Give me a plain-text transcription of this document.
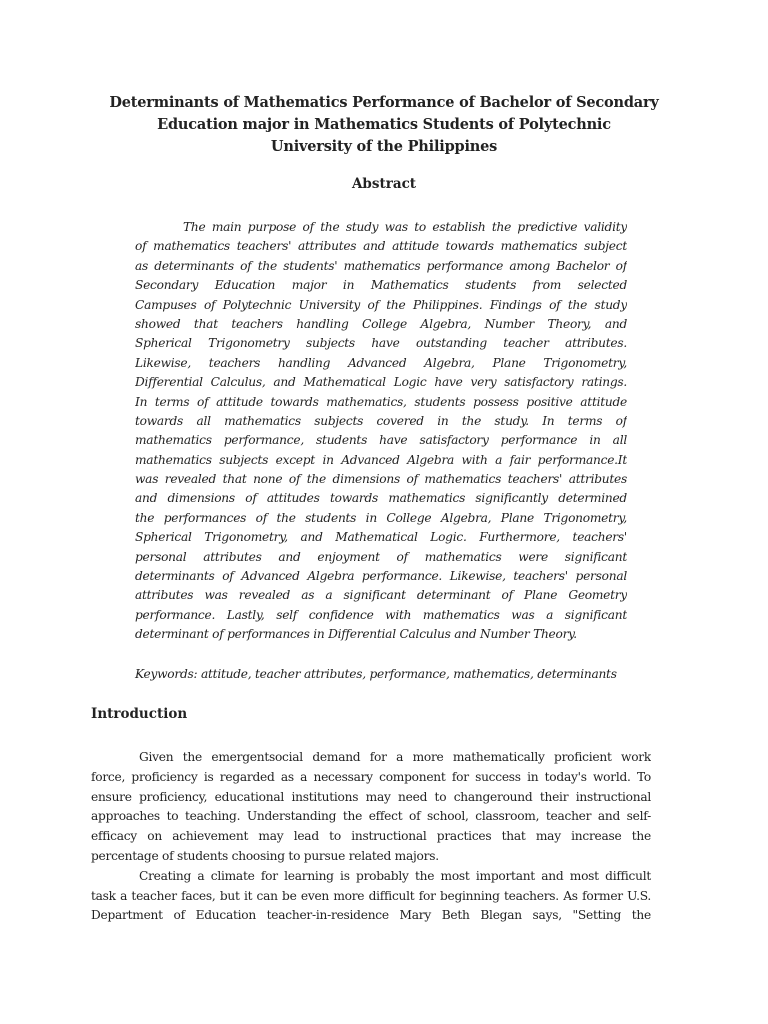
Determinants of Mathematics Performance of Bachelor of Secondary
Education major in Mathematics Students of Polytechnic
University of the Philippines
Abstract
The main purpose of the study was to establish the predictive validity
of mathematics teachers' attributes and attitude towards mathematics subject
as determinants of the students' mathematics performance among Bachelor of
Secondary Education major in Mathematics students from selected
Campuses of Polytechnic University of the Philippines. Findings of the study
showed that teachers handling College Algebra, Number Theory, and
Spherical Trigonometry subjects have outstanding teacher attributes.
Likewise, teachers handling Advanced Algebra, Plane Trigonometry,
Differential Calculus, and Mathematical Logic have very satisfactory ratings.
In terms of attitude towards mathematics, students possess positive attitude
towards all mathematics subjects covered in the study. In terms of
mathematics performance, students have satisfactory performance in all
mathematics subjects except in Advanced Algebra with a fair performance.It
was revealed that none of the dimensions of mathematics teachers' attributes
and dimensions of attitudes towards mathematics significantly determined
the performances of the students in College Algebra, Plane Trigonometry,
Spherical Trigonometry, and Mathematical Logic. Furthermore, teachers'
personal attributes and enjoyment of mathematics were significant
determinants of Advanced Algebra performance. Likewise, teachers' personal
attributes was revealed as a significant determinant of Plane Geometry
performance. Lastly, self confidence with mathematics was a significant
determinant of performances in Differential Calculus and Number Theory.
Keywords: attitude, teacher attributes, performance, mathematics, determinants
Introduction
Given the emergentsocial demand for a more mathematically proficient work
force, proficiency is regarded as a necessary component for success in today's world. To
ensure proficiency, educational institutions may need to changeround their instructional
approaches to teaching. Understanding the effect of school, classroom, teacher and self-
efficacy on achievement may lead to instructional practices that may increase the
percentage of students choosing to pursue related majors.
Creating a climate for learning is probably the most important and most difficult
task a teacher faces, but it can be even more difficult for beginning teachers. As former U.S.
Department of Education teacher-in-residence Mary Beth Blegan says, "Setting the
